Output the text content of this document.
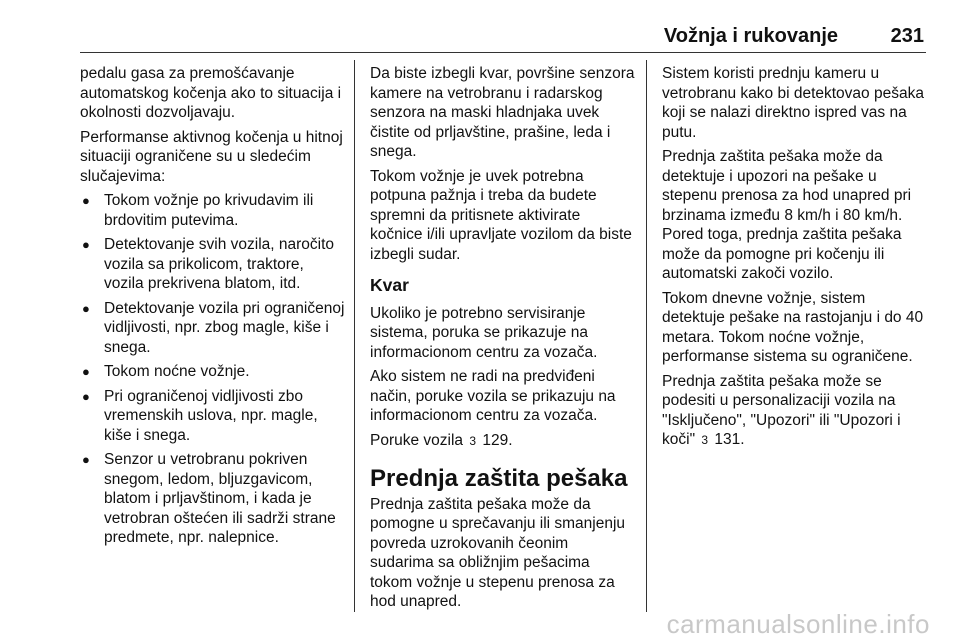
Vožnja i rukovanje	231

pedalu gasa za premošćavanje automatskog kočenja ako to situacija i okolnosti dozvoljavaju.

Performanse aktivnog kočenja u hitnoj situaciji ograničene su u sledećim slučajevima:

● Tokom vožnje po krivudavim ili brdovitim putevima.
● Detektovanje svih vozila, naročito vozila sa prikolicom, traktore, vozila prekrivena blatom, itd.
● Detektovanje vozila pri ograničenoj vidljivosti, npr. zbog magle, kiše i snega.
● Tokom noćne vožnje.
● Pri ograničenoj vidljivosti zbo vremenskih uslova, npr. magle, kiše i snega.
● Senzor u vetrobranu pokriven snegom, ledom, bljuzgavicom, blatom i prljavštinom, i kada je vetrobran oštećen ili sadrži strane predmete, npr. nalepnice.

Da biste izbegli kvar, površine senzora kamere na vetrobranu i radarskog senzora na maski hladnjaka uvek čistite od prljavštine, prašine, leda i snega.

Tokom vožnje je uvek potrebna potpuna pažnja i treba da budete spremni da pritisnete aktivirate kočnice i/ili upravljate vozilom da biste izbegli sudar.

Kvar

Ukoliko je potrebno servisiranje sistema, poruka se prikazuje na informacionom centru za vozača.

Ako sistem ne radi na predviđeni način, poruke vozila se prikazuju na informacionom centru za vozača.

Poruke vozila 3 129.

Prednja zaštita pešaka

Prednja zaštita pešaka može da pomogne u sprečavanju ili smanjenju povreda uzrokovanih čeonim sudarima sa obližnjim pešacima tokom vožnje u stepenu prenosa za hod unapred.

Sistem koristi prednju kameru u vetrobranu kako bi detektovao pešaka koji se nalazi direktno ispred vas na putu.

Prednja zaštita pešaka može da detektuje i upozori na pešake u stepenu prenosa za hod unapred pri brzinama između 8 km/h i 80 km/h. Pored toga, prednja zaštita pešaka može da pomogne pri kočenju ili automatski zakoči vozilo.

Tokom dnevne vožnje, sistem detektuje pešake na rastojanju i do 40 metara. Tokom noćne vožnje, performanse sistema su ograničene.

Prednja zaštita pešaka može se podesiti u personalizaciji vozila na "Isključeno", "Upozori" ili "Upozori i koči" 3 131.

carmanualsonline.info
